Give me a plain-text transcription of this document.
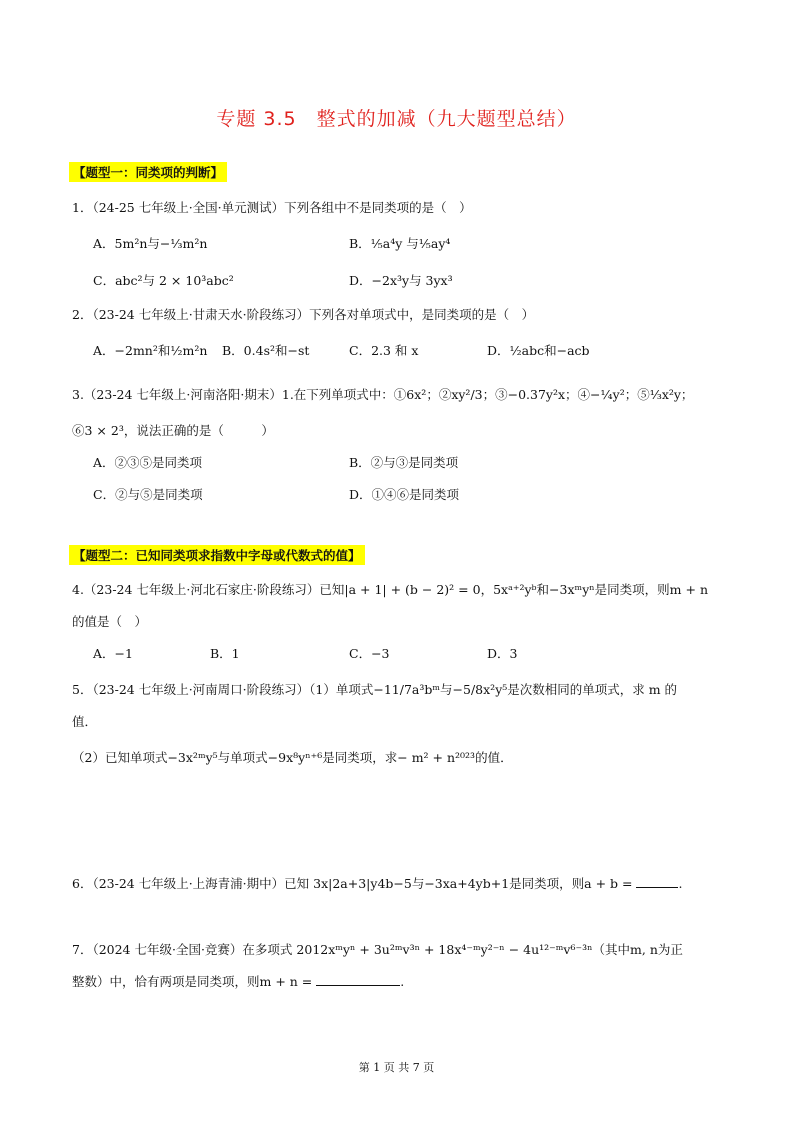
专题 3.5　整式的加减（九大题型总结）
【题型一：同类项的判断】
1．（24-25 七年级上·全国·单元测试）下列各组中不是同类项的是（　）
A．5m²n与−⅓m²n	B．⅕a⁴y 与⅕ay⁴
C．abc²与 2 × 10³abc²	D．−2x³y与 3yx³
2．（23-24 七年级上·甘肃天水·阶段练习）下列各对单项式中，是同类项的是（　）
A．−2mn²和½m²n B．0.4s²和−st	C．2.3 和 x	D．½abc和−acb
3.（23-24 七年级上·河南洛阳·期末）1.在下列单项式中：①6x²；②xy²/3；③−0.37y²x；④−¼y²；⑤⅓x²y；
⑥3 × 2³，说法正确的是（　　　）
A．②③⑤是同类项	B．②与③是同类项
C．②与⑤是同类项	D．①④⑥是同类项
【题型二：已知同类项求指数中字母或代数式的值】
4.（23-24 七年级上·河北石家庄·阶段练习）已知|a + 1| + (b − 2)² = 0，5xᵃ⁺²yᵇ和−3xᵐyⁿ是同类项，则m + n
的值是（　）
A．−1	B．1	C．−3	D．3
5．（23-24 七年级上·河南周口·阶段练习）（1）单项式−11/7a³bᵐ与−5/8x²y⁵是次数相同的单项式，求 m 的
值．
（2）已知单项式−3x²ᵐy⁵与单项式−9x⁸yⁿ⁺⁶是同类项，求− m² + n²⁰²³的值．
6．（23-24 七年级上·上海青浦·期中）已知 3x|2a+3|y4b−5与−3xa+4yb+1是同类项，则a + b =	.
7．（2024 七年级·全国·竞赛）在多项式 2012xᵐyⁿ + 3u²ᵐv³ⁿ + 18x⁴⁻ᵐy²⁻ⁿ − 4u¹²⁻ᵐv⁶⁻³ⁿ（其中m, n为正
整数）中，恰有两项是同类项，则m + n =	.
第 1 页 共 7 页
